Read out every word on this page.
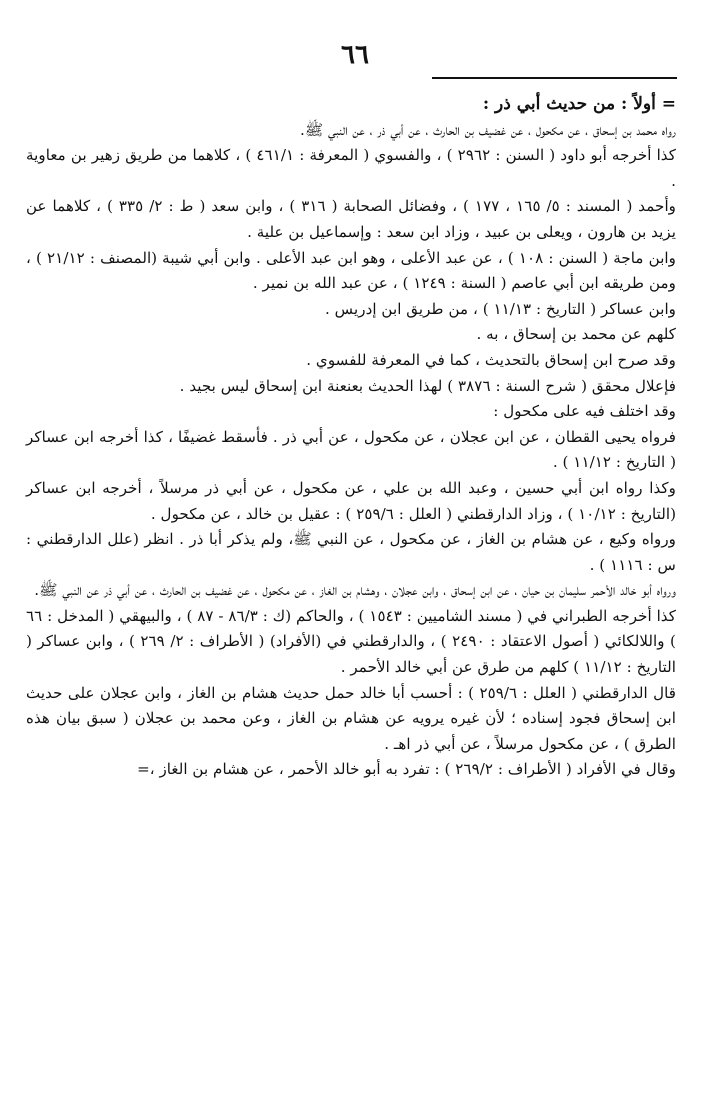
٦٦

= أولاً : من حديث أبي ذر :

رواه محمد بن إسحاق ، عن مكحول ، عن غضيف بن الحارث ، عن أبي ذر ، عن النبي ﷺ.

كذا أخرجه أبو داود ( السنن : ٢٩٦٢ ) ، والفسوي ( المعرفة : ٤٦١/١ ) ، كلاهما من طريق زهير بن معاوية .

وأحمد ( المسند : ٥/ ١٦٥ ، ١٧٧ ) ، وفضائل الصحابة ( ٣١٦ ) ، وابن سعد ( ط : ٢/ ٣٣٥ ) ، كلاهما عن يزيد بن هارون ، ويعلى بن عبيد ، وزاد ابن سعد : وإسماعيل بن علية .

وابن ماجة ( السنن : ١٠٨ ) ، عن عبد الأعلى ، وهو ابن عبد الأعلى . وابن أبي شيبة (المصنف : ٢١/١٢ ) ، ومن طريقه ابن أبي عاصم ( السنة : ١٢٤٩ ) ، عن عبد الله بن نمير .

وابن عساكر ( التاريخ : ١١/١٣ ) ، من طريق ابن إدريس .

كلهم عن محمد بن إسحاق ، به .

وقد صرح ابن إسحاق بالتحديث ، كما في المعرفة للفسوي .

فإعلال محقق ( شرح السنة : ٣٨٧٦ ) لهذا الحديث بعنعنة ابن إسحاق ليس بجيد .

وقد اختلف فيه على مكحول :

فرواه يحيى القطان ، عن ابن عجلان ، عن مكحول ، عن أبي ذر . فأسقط غضيفًا ، كذا أخرجه ابن عساكر ( التاريخ : ١١/١٢ ) .

وكذا رواه ابن أبي حسين ، وعبد الله بن علي ، عن مكحول ، عن أبي ذر مرسلاً ، أخرجه ابن عساكر (التاريخ : ١٠/١٢ ) ، وزاد الدارقطني ( العلل : ٢٥٩/٦ ) : عقيل بن خالد ، عن مكحول .

ورواه وكيع ، عن هشام بن الغاز ، عن مكحول ، عن النبي ﷺ، ولم يذكر أبا ذر . انظر (علل الدارقطني : س : ١١١٦ ) .

ورواه أبو خالد الأحمر سليمان بن حيان ، عن ابن إسحاق ، وابن عجلان ، وهشام بن الغاز ، عن مكحول ، عن غضيف بن الحارث ، عن أبي ذر عن النبي ﷺ.

كذا أخرجه الطبراني في ( مسند الشاميين : ١٥٤٣ ) ، والحاكم (ك : ٨٦/٣ - ٨٧ ) ، والبيهقي ( المدخل : ٦٦ ) واللالكائي ( أصول الاعتقاد : ٢٤٩٠ ) ، والدارقطني في (الأفراد) ( الأطراف : ٢/ ٢٦٩ ) ، وابن عساكر ( التاريخ : ١١/١٢ ) كلهم من طرق عن أبي خالد الأحمر .

قال الدارقطني ( العلل : ٢٥٩/٦ ) : أحسب أبا خالد حمل حديث هشام بن الغاز ، وابن عجلان على حديث ابن إسحاق فجود إسناده ؛ لأن غيره يرويه عن هشام بن الغاز ، وعن محمد بن عجلان ( سبق بيان هذه الطرق ) ، عن مكحول مرسلاً ، عن أبي ذر اهـ .

وقال في الأفراد ( الأطراف : ٢٦٩/٢ ) : تفرد به أبو خالد الأحمر ، عن هشام بن الغاز ،=
